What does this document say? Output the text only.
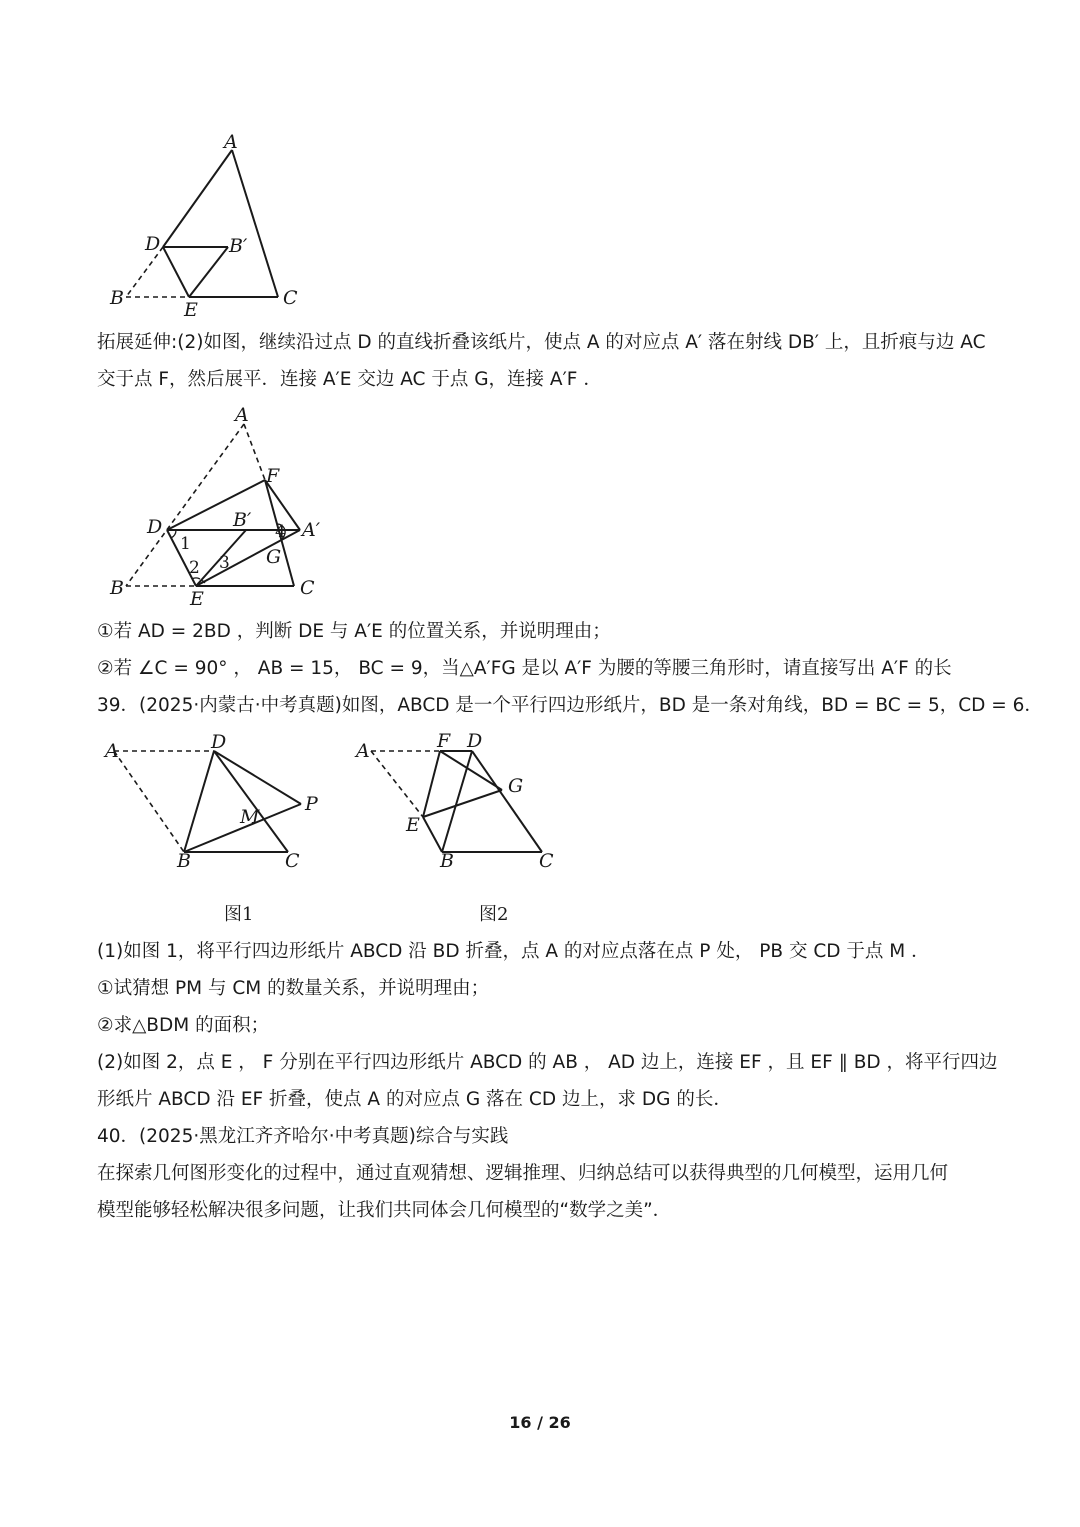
A
D	B′
B
E
C
拓展延伸:(2)如图，继续沿过点 D 的直线折叠该纸片，使点 A 的对应点 A′ 落在射线 DB′ 上，且折痕与边 AC
交于点 F，然后展平．连接 A′E 交边 AC 于点 G，连接 A′F ．
A
F
D	B′	A′
1
4
G
2 3
B	E	C
①若 AD = 2BD ，判断 DE 与 A′E 的位置关系，并说明理由；
②若 ∠C = 90° ， AB = 15， BC = 9，当△A′FG 是以 A′F 为腰的等腰三角形时，请直接写出 A′F 的长
39．(2025·内蒙古·中考真题)如图，ABCD 是一个平行四边形纸片，BD 是一条对角线，BD = BC = 5，CD = 6．
A	D
P
M
B	C
A	F D
G
E
B	C
图1	图2
(1)如图 1，将平行四边形纸片 ABCD 沿 BD 折叠，点 A 的对应点落在点 P 处， PB 交 CD 于点 M ．
①试猜想 PM 与 CM 的数量关系，并说明理由；
②求△BDM 的面积；
(2)如图 2，点 E ， F 分别在平行四边形纸片 ABCD 的 AB ， AD 边上，连接 EF ，且 EF ∥ BD ，将平行四边
形纸片 ABCD 沿 EF 折叠，使点 A 的对应点 G 落在 CD 边上，求 DG 的长．
40．(2025·黑龙江齐齐哈尔·中考真题)综合与实践
在探索几何图形变化的过程中，通过直观猜想、逻辑推理、归纳总结可以获得典型的几何模型，运用几何
模型能够轻松解决很多问题，让我们共同体会几何模型的“数学之美”．
16 / 26
